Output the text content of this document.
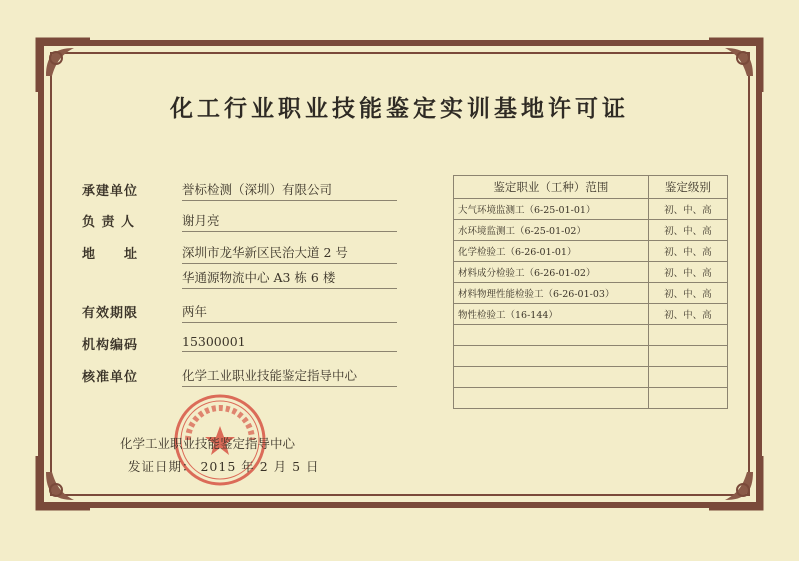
化工行业职业技能鉴定实训基地许可证
承建单位	誉标检测（深圳）有限公司
负 责 人	谢月亮
地　　址	深圳市龙华新区民治大道 2 号
华通源物流中心 A3 栋 6 楼
有效期限	两年
机构编码	15300001
核准单位	化学工业职业技能鉴定指导中心
鉴定职业（工种）范围	鉴定级别
大气环境监测工（6-25-01-01）	初、中、高
水环境监测工（6-25-01-02）	初、中、高
化学检验工（6-26-01-01）	初、中、高
材料成分检验工（6-26-01-02）	初、中、高
材料物理性能检验工（6-26-01-03）	初、中、高
物性检验工（16-144）	初、中、高

化学工业职业技能鉴定指导中心
发证日期： 2015 年 2 月 5 日
